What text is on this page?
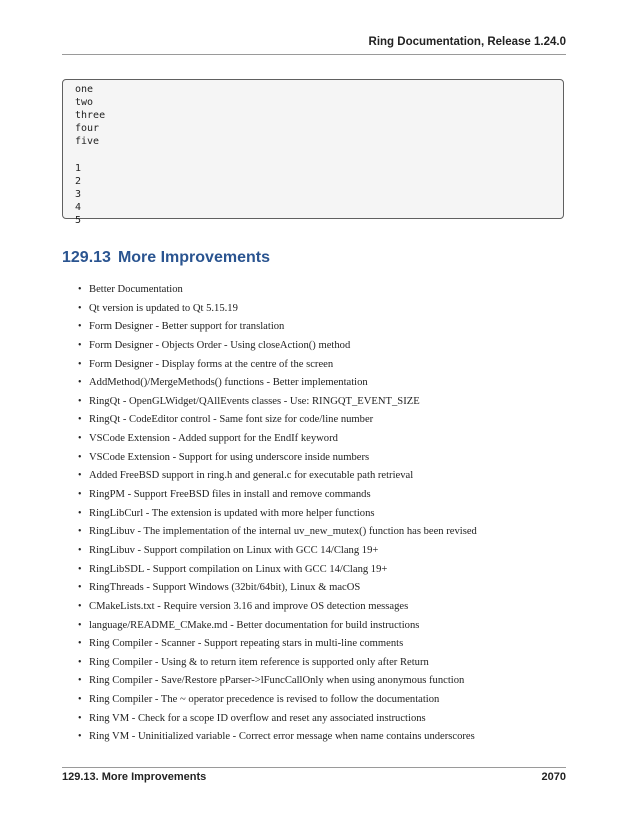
Ring Documentation, Release 1.24.0
one
two
three
four
five
1
2
3
4
5
129.13 More Improvements
• Better Documentation
• Qt version is updated to Qt 5.15.19
• Form Designer - Better support for translation
• Form Designer - Objects Order - Using closeAction() method
• Form Designer - Display forms at the centre of the screen
• AddMethod()/MergeMethods() functions - Better implementation
• RingQt - OpenGLWidget/QAllEvents classes - Use: RINGQT_EVENT_SIZE
• RingQt - CodeEditor control - Same font size for code/line number
• VSCode Extension - Added support for the EndIf keyword
• VSCode Extension - Support for using underscore inside numbers
• Added FreeBSD support in ring.h and general.c for executable path retrieval
• RingPM - Support FreeBSD files in install and remove commands
• RingLibCurl - The extension is updated with more helper functions
• RingLibuv - The implementation of the internal uv_new_mutex() function has been revised
• RingLibuv - Support compilation on Linux with GCC 14/Clang 19+
• RingLibSDL - Support compilation on Linux with GCC 14/Clang 19+
• RingThreads - Support Windows (32bit/64bit), Linux & macOS
• CMakeLists.txt - Require version 3.16 and improve OS detection messages
• language/README_CMake.md - Better documentation for build instructions
• Ring Compiler - Scanner - Support repeating stars in multi-line comments
• Ring Compiler - Using & to return item reference is supported only after Return
• Ring Compiler - Save/Restore pParser->lFuncCallOnly when using anonymous function
• Ring Compiler - The ~ operator precedence is revised to follow the documentation
• Ring VM - Check for a scope ID overflow and reset any associated instructions
• Ring VM - Uninitialized variable - Correct error message when name contains underscores
129.13. More Improvements	2070
